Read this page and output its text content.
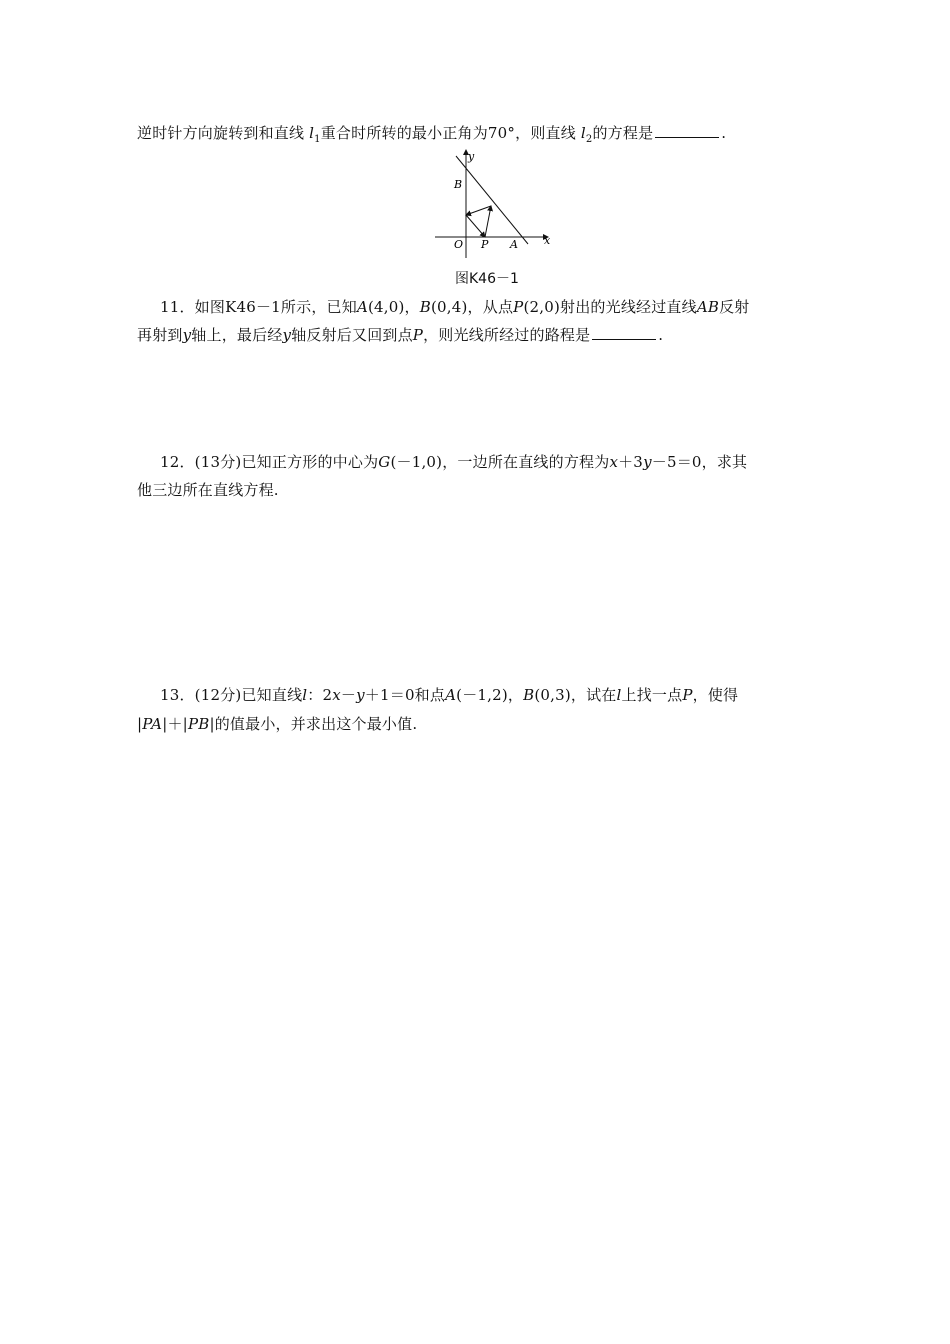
逆时针方向旋转到和直线 $l_1$重合时所转的最小正角为70°，则直线 $l_2$的方程是	.
y
x
B
O P A
图K46－1
11．如图K46－1所示，已知A(4,0)，B(0,4)，从点P(2,0)射出的光线经过直线AB反射
再射到y轴上，最后经y轴反射后又回到点P，则光线所经过的路程是	.
12．(13分)已知正方形的中心为G(－1,0)，一边所在直线的方程为x＋3y－5＝0，求其
他三边所在直线方程.
13．(12分)已知直线l：2x－y＋1＝0和点A(－1,2)，B(0,3)，试在l上找一点P，使得
|PA|＋|PB|的值最小，并求出这个最小值.
